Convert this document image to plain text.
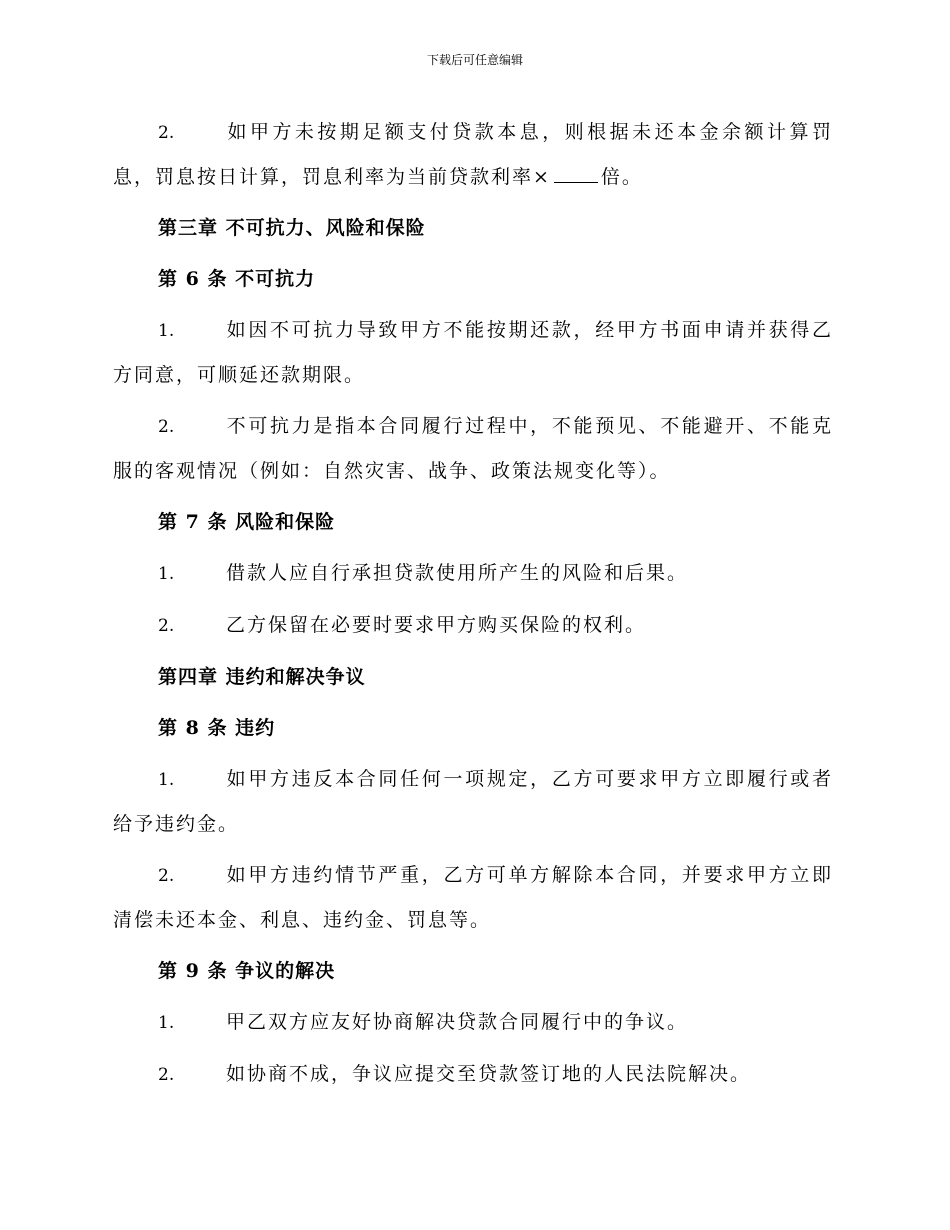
下载后可任意编辑

2.	如甲方未按期足额支付贷款本息，则根据未还本金余额计算罚息，罚息按日计算，罚息利率为当前贷款利率×	倍。

第三章 不可抗力、风险和保险

第 6 条 不可抗力

1.	如因不可抗力导致甲方不能按期还款，经甲方书面申请并获得乙方同意，可顺延还款期限。

2.	不可抗力是指本合同履行过程中，不能预见、不能避开、不能克服的客观情况（例如：自然灾害、战争、政策法规变化等）。

第 7 条 风险和保险

1.	借款人应自行承担贷款使用所产生的风险和后果。

2.	乙方保留在必要时要求甲方购买保险的权利。

第四章 违约和解决争议

第 8 条 违约

1.	如甲方违反本合同任何一项规定，乙方可要求甲方立即履行或者给予违约金。

2.	如甲方违约情节严重，乙方可单方解除本合同，并要求甲方立即清偿未还本金、利息、违约金、罚息等。

第 9 条 争议的解决

1.	甲乙双方应友好协商解决贷款合同履行中的争议。

2.	如协商不成，争议应提交至贷款签订地的人民法院解决。
